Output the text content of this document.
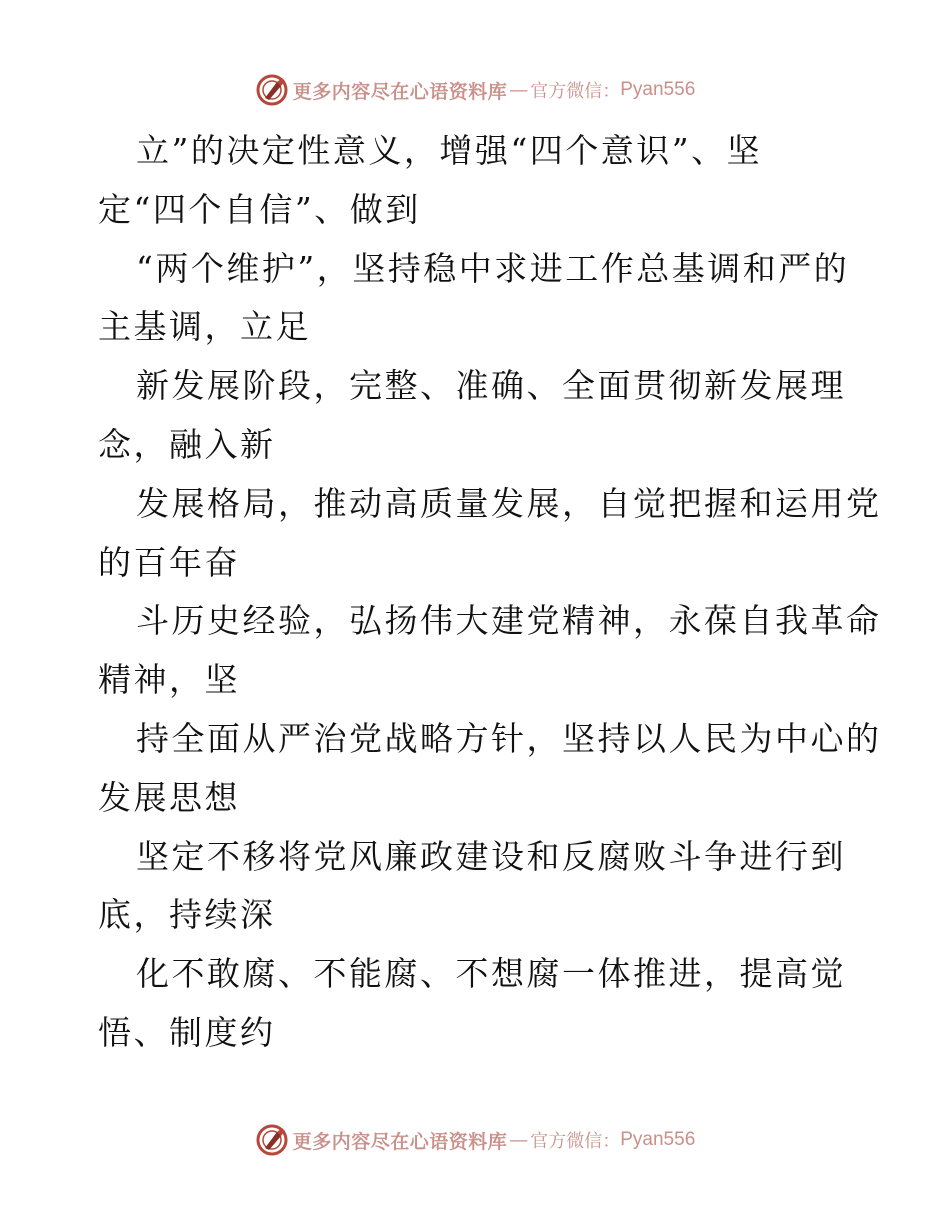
更多内容尽在心语资料库 — 官方微信： Pyan556
立”的决定性意义，增强“四个意识”、坚
定“四个自信”、做到
“两个维护”，坚持稳中求进工作总基调和严的
主基调，立足
新发展阶段，完整、准确、全面贯彻新发展理
念，融入新
发展格局，推动高质量发展，自觉把握和运用党
的百年奋
斗历史经验，弘扬伟大建党精神，永葆自我革命
精神，坚
持全面从严治党战略方针，坚持以人民为中心的
发展思想
坚定不移将党风廉政建设和反腐败斗争进行到
底，持续深
化不敢腐、不能腐、不想腐一体推进，提高觉
悟、制度约
更多内容尽在心语资料库 — 官方微信： Pyan556
